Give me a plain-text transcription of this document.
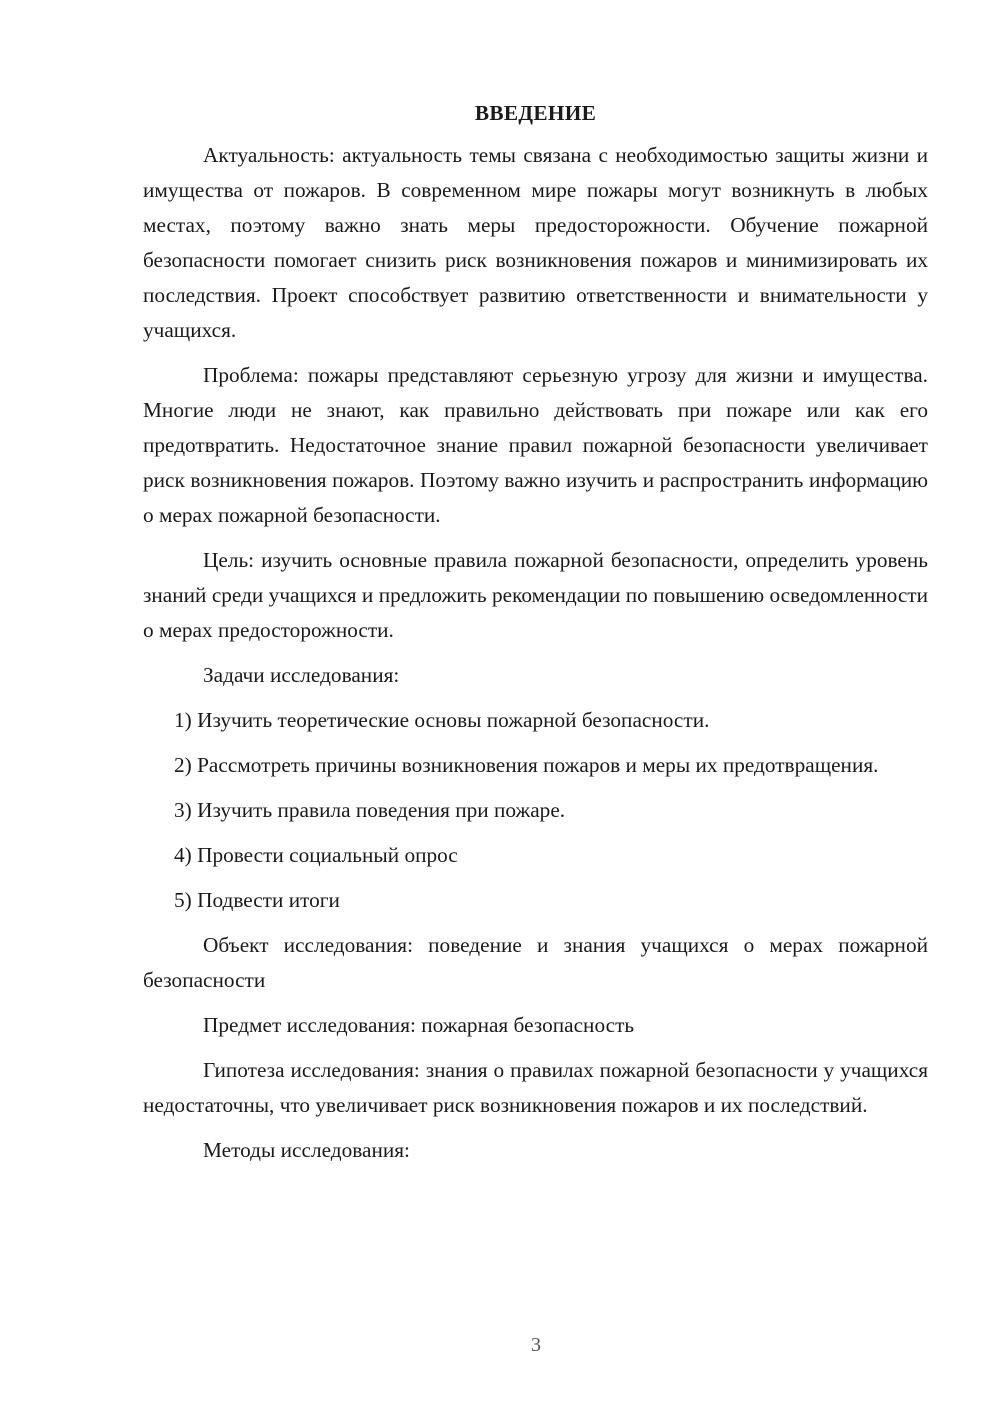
ВВЕДЕНИЕ

Актуальность: актуальность темы связана с необходимостью защиты жизни и имущества от пожаров. В современном мире пожары могут возникнуть в любых местах, поэтому важно знать меры предосторожности. Обучение пожарной безопасности помогает снизить риск возникновения пожаров и минимизировать их последствия. Проект способствует развитию ответственности и внимательности у учащихся.

Проблема: пожары представляют серьезную угрозу для жизни и имущества. Многие люди не знают, как правильно действовать при пожаре или как его предотвратить. Недостаточное знание правил пожарной безопасности увеличивает риск возникновения пожаров. Поэтому важно изучить и распространить информацию о мерах пожарной безопасности.

Цель: изучить основные правила пожарной безопасности, определить уровень знаний среди учащихся и предложить рекомендации по повышению осведомленности о мерах предосторожности.

Задачи исследования:

1) Изучить теоретические основы пожарной безопасности.

2) Рассмотреть причины возникновения пожаров и меры их предотвращения.

3) Изучить правила поведения при пожаре.

4) Провести социальный опрос

5) Подвести итоги

Объект исследования: поведение и знания учащихся о мерах пожарной безопасности

Предмет исследования: пожарная безопасность

Гипотеза исследования: знания о правилах пожарной безопасности у учащихся недостаточны, что увеличивает риск возникновения пожаров и их последствий.

Методы исследования:

3
